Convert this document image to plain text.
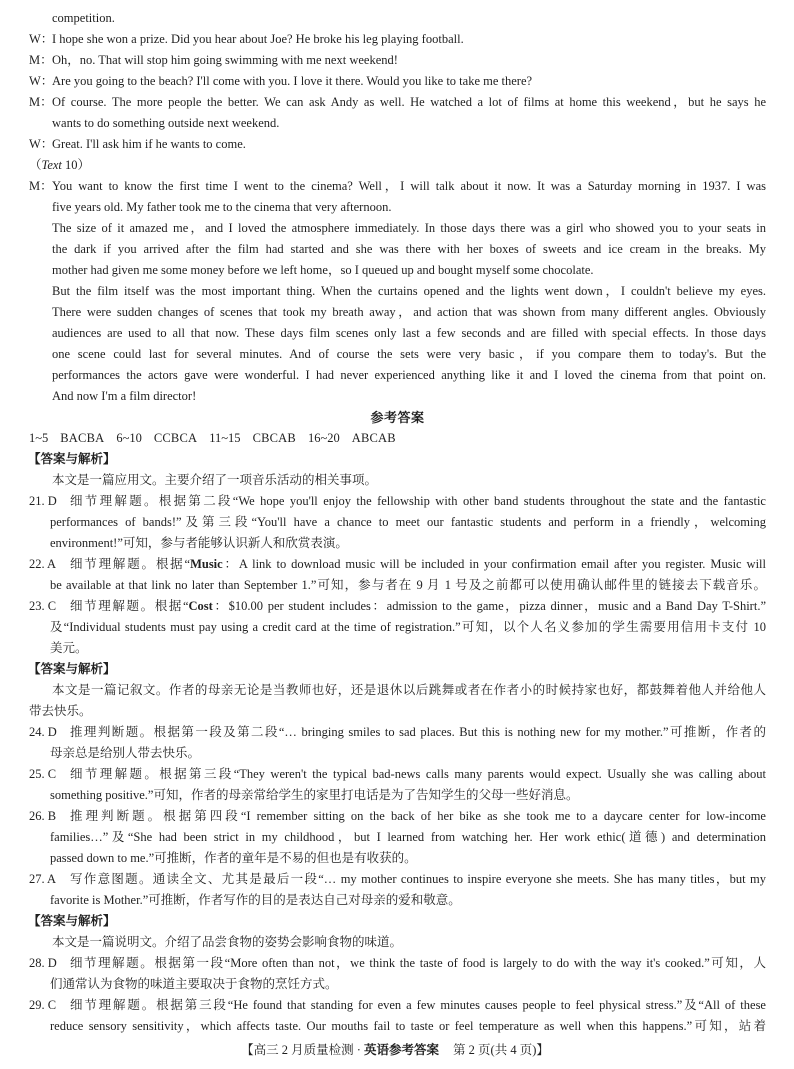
competition.
W：
I hope she won a prize. Did you hear about Joe? He broke his leg playing football.
M： Oh，no. That will stop him going swimming with me next weekend!
W：
Are you going to the beach? I'll come with you. I love it there. Would you like to take me there?
M： Of course. The more people the better. We can ask Andy as well. He watched a lot of films at home this weekend，but he says he
wants to do something outside next weekend.
W：
Great. I'll ask him if he wants to come.
（Text 10）
M： You want to know the first time I went to the cinema? Well，I will talk about it now. It was a Saturday morning in 1937. I was
five years old. My father took me to the cinema that very afternoon.
The size of it amazed me，and I loved the atmosphere immediately. In those days there was a girl who showed you to your seats in
the dark if you arrived after the film had started and she was there with her boxes of sweets and ice cream in the breaks. My
mother had given me some money before we left home，so I queued up and bought myself some chocolate.
But the film itself was the most important thing. When the curtains opened and the lights went down，I couldn't believe my eyes.
There were sudden changes of scenes that took my breath away，and action that was shown from many different angles. Obviously
audiences are used to all that now. These days film scenes only last a few seconds and are filled with special effects. In those days
one scene could last for several minutes. And of course the sets were very basic，if you compare them to today's. But the
performances the actors gave were wonderful. I had never experienced anything like it and I loved the cinema from that point on.
And now I'm a film director!
参考答案
1~5 BACBA 6~10 CCBCA 11~15 CBCAB 16~20 ABCAB
【答案与解析】
本文是一篇应用文。主要介绍了一项音乐活动的相关事项。
21. D	细节理解题。根据第二段“We hope you'll enjoy the fellowship with other band students throughout the state and the fantastic
performances of bands!”及第三段“You'll have a chance to meet our fantastic students and perform in a friendly，welcoming
environment!”可知，参与者能够认识新人和欣赏表演。
22. A	细节理解题。根据“Music：A link to download music will be included in your confirmation email after you register. Music will
be available at that link no later than September 1.”可知，参与者在 9 月 1 号及之前都可以使用确认邮件里的链接去下载音乐。
23. C	细节理解题。根据“Cost：$10.00 per student includes：admission to the game，pizza dinner，music and a Band Day T-Shirt.”
及“Individual students must pay using a credit card at the time of registration.”可知，以个人名义参加的学生需要用信用卡支付 10
美元。
【答案与解析】
本文是一篇记叙文。作者的母亲无论是当教师也好，还是退休以后跳舞或者在作者小的时候持家也好，都鼓舞着他人并给他人
带去快乐。
24. D	推理判断题。根据第一段及第二段“… bringing smiles to sad places. But this is nothing new for my mother.”可推断，作者的
母亲总是给别人带去快乐。
25. C	细节理解题。根据第三段“They weren't the typical bad-news calls many parents would expect. Usually she was calling about
something positive.”可知，作者的母亲常给学生的家里打电话是为了告知学生的父母一些好消息。
26. B	推理判断题。根据第四段“I remember sitting on the back of her bike as she took me to a daycare center for low-income
families…”及“She had been strict in my childhood，but I learned from watching her. Her work ethic(道德) and determination
passed down to me.”可推断，作者的童年是不易的但也是有收获的。
27. A	写作意图题。通读全文、尤其是最后一段“… my mother continues to inspire everyone she meets. She has many titles，but my
favorite is Mother.”可推断，作者写作的目的是表达自己对母亲的爱和敬意。
【答案与解析】
本文是一篇说明文。介绍了品尝食物的姿势会影响食物的味道。
28. D	细节理解题。根据第一段“More often than not，we think the taste of food is largely to do with the way it's cooked.”可知，人
们通常认为食物的味道主要取决于食物的烹饪方式。
29. C	细节理解题。根据第三段“He found that standing for even a few minutes causes people to feel physical stress.”及“All of these
reduce sensory sensitivity，which affects taste. Our mouths fail to taste or feel temperature as well when this happens.”可知，站着
【高三 2 月质量检测 · 英语参考答案 第 2 页(共 4 页)】
